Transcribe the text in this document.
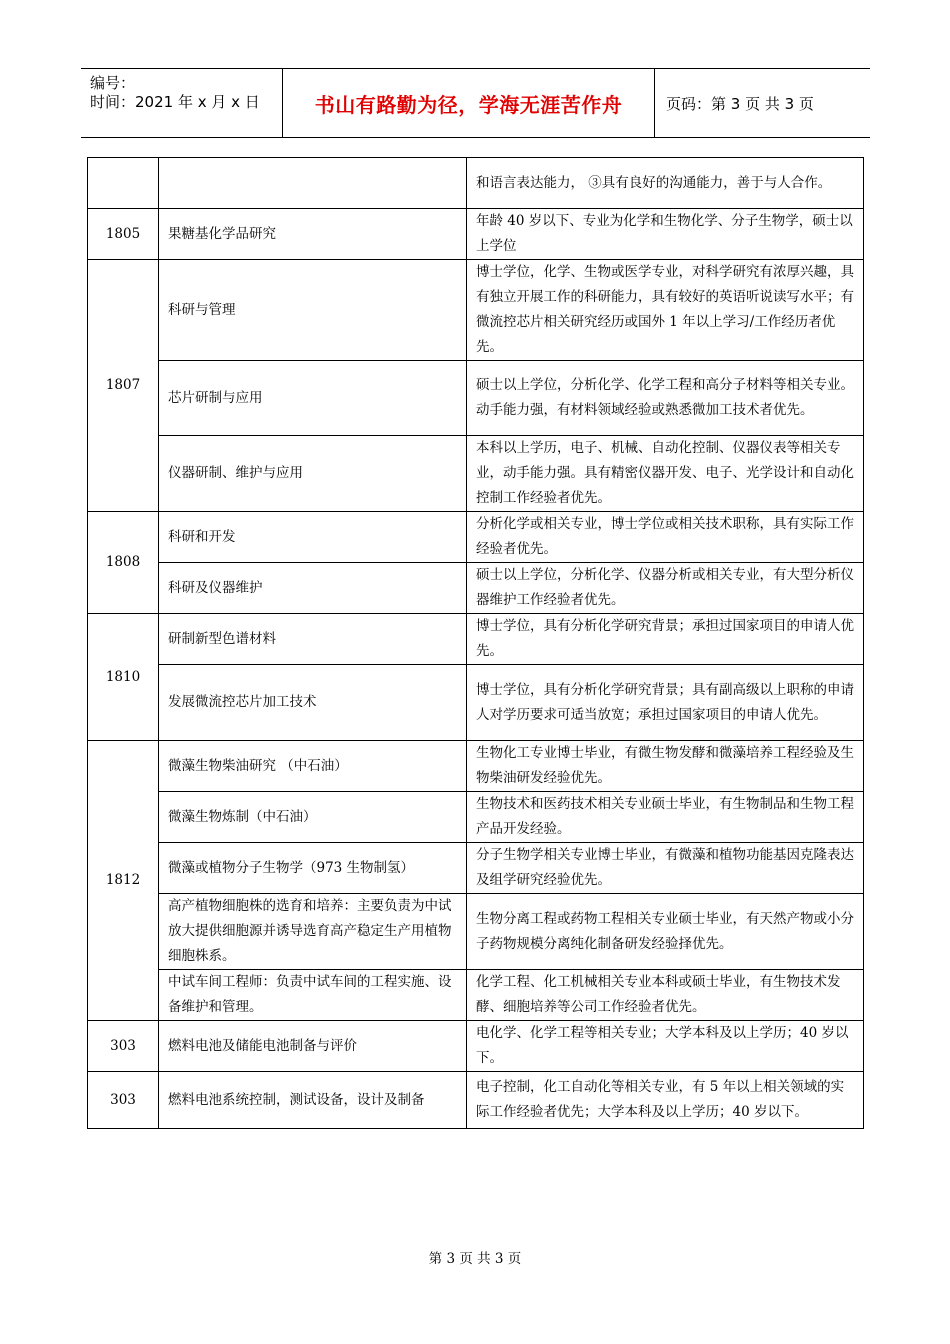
编号：
时间：2021 年 x 月 x 日	书山有路勤为径，学海无涯苦作舟	页码：第 3 页 共 3 页
		和语言表达能力， ③具有良好的沟通能力，善于与人合作。
1805	果糖基化学品研究	年龄 40 岁以下、专业为化学和生物化学、分子生物学，硕士以上学位
1807	科研与管理	博士学位，化学、生物或医学专业，对科学研究有浓厚兴趣，具有独立开展工作的科研能力，具有较好的英语听说读写水平；有微流控芯片相关研究经历或国外 1 年以上学习/工作经历者优先。
	芯片研制与应用	硕士以上学位，分析化学、化学工程和高分子材料等相关专业。动手能力强，有材料领域经验或熟悉微加工技术者优先。
	仪器研制、维护与应用	本科以上学历，电子、机械、自动化控制、仪器仪表等相关专业，动手能力强。具有精密仪器开发、电子、光学设计和自动化控制工作经验者优先。
1808	科研和开发	分析化学或相关专业，博士学位或相关技术职称，具有实际工作经验者优先。
	科研及仪器维护	硕士以上学位，分析化学、仪器分析或相关专业，有大型分析仪器维护工作经验者优先。
1810	研制新型色谱材料	博士学位，具有分析化学研究背景；承担过国家项目的申请人优先。
	发展微流控芯片加工技术	博士学位，具有分析化学研究背景；具有副高级以上职称的申请人对学历要求可适当放宽；承担过国家项目的申请人优先。
1812	微藻生物柴油研究 （中石油）	生物化工专业博士毕业，有微生物发酵和微藻培养工程经验及生物柴油研发经验优先。
	微藻生物炼制（中石油）	生物技术和医药技术相关专业硕士毕业，有生物制品和生物工程产品开发经验。
	微藻或植物分子生物学（973 生物制氢）	分子生物学相关专业博士毕业，有微藻和植物功能基因克隆表达及组学研究经验优先。
	高产植物细胞株的选育和培养：主要负责为中试放大提供细胞源并诱导选育高产稳定生产用植物细胞株系。	生物分离工程或药物工程相关专业硕士毕业，有天然产物或小分子药物规模分离纯化制备研发经验择优先。
	中试车间工程师：负责中试车间的工程实施、设备维护和管理。	化学工程、化工机械相关专业本科或硕士毕业，有生物技术发酵、细胞培养等公司工作经验者优先。
303	燃料电池及储能电池制备与评价	电化学、化学工程等相关专业；大学本科及以上学历；40 岁以下。
303	燃料电池系统控制，测试设备，设计及制备	电子控制，化工自动化等相关专业，有 5 年以上相关领域的实际工作经验者优先；大学本科及以上学历；40 岁以下。
第 3 页 共 3 页
